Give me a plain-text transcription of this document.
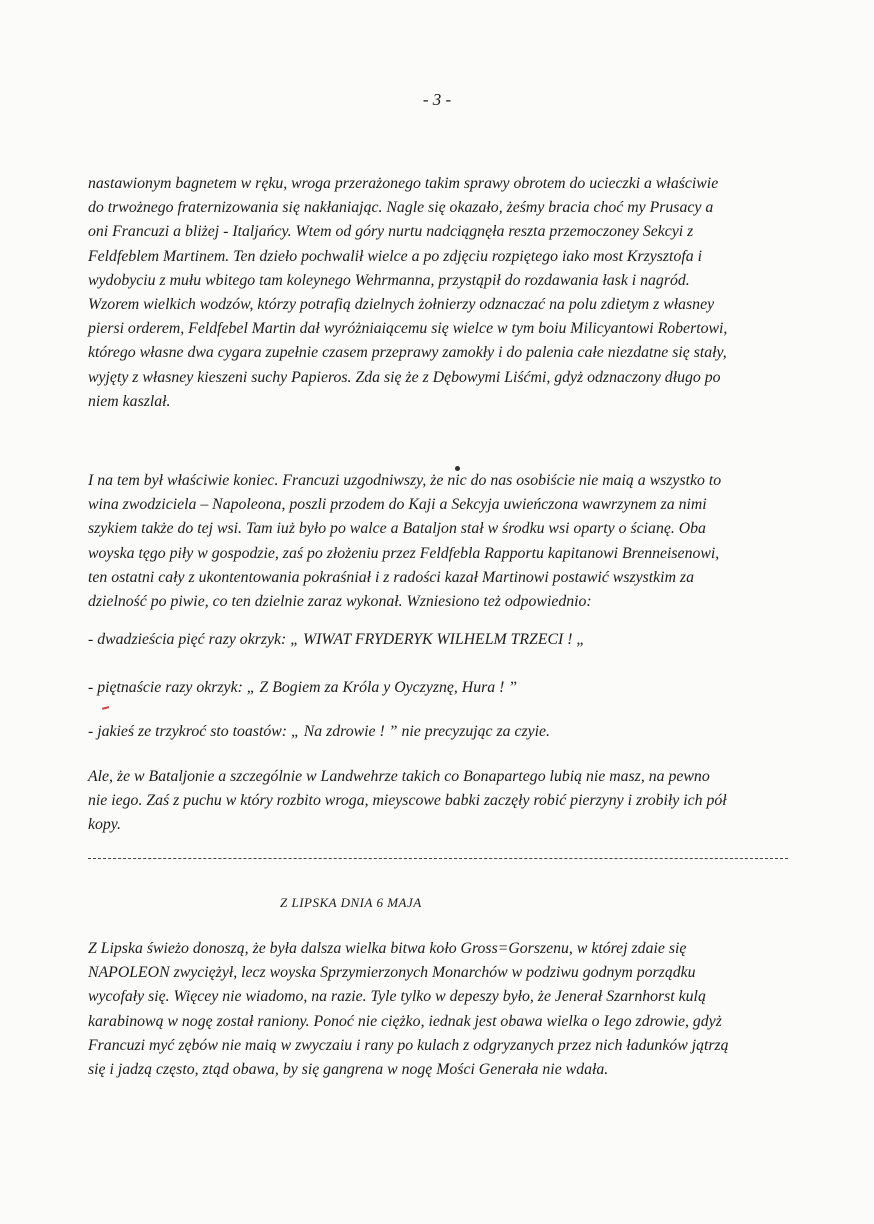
- 3 -
nastawionym bagnetem w ręku, wroga przerażonego takim sprawy obrotem do ucieczki a właściwie
do trwożnego fraternizowania się nakłaniając. Nagle się okazało, żeśmy bracia choć my Prusacy a
oni Francuzi a bliżej - Italjańcy. Wtem od góry nurtu nadciągnęła reszta przemoczoney Sekcyi z
Feldfeblem Martinem. Ten dzieło pochwalił wielce a po zdjęciu rozpiętego iako most Krzysztofa i
wydobyciu z mułu wbitego tam koleynego Wehrmanna, przystąpił do rozdawania łask i nagród.
Wzorem wielkich wodzów, którzy potrafią dzielnych żołnierzy odznaczać na polu zdietym z własney
piersi orderem, Feldfebel Martin dał wyróżniaiącemu się wielce w tym boiu Milicyantowi Robertowi,
którego własne dwa cygara zupełnie czasem przeprawy zamokły i do palenia całe niezdatne się stały,
wyjęty z własney kieszeni suchy Papieros. Zda się że z Dębowymi Liśćmi, gdyż odznaczony długo po
niem kaszlał.
I na tem był właściwie koniec. Francuzi uzgodniwszy, że nic do nas osobiście nie maią a wszystko to
wina zwodziciela – Napoleona, poszli przodem do Kaji a Sekcyja uwieńczona wawrzynem za nimi
szykiem także do tej wsi. Tam iuż było po walce a Bataljon stał w środku wsi oparty o ścianę. Oba
woyska tęgo piły w gospodzie, zaś po złożeniu przez Feldfebla Rapportu kapitanowi Brenneisenowi,
ten ostatni cały z ukontentowania pokraśniał i z radości kazał Martinowi postawić wszystkim za
dzielność po piwie, co ten dzielnie zaraz wykonał. Wzniesiono też odpowiednio:
- dwadzieścia pięć razy okrzyk: „ WIWAT FRYDERYK WILHELM TRZECI ! „
- piętnaście razy okrzyk: „ Z Bogiem za Króla y Oyczyznę, Hura ! ”
- jakieś ze trzykroć sto toastów: „ Na zdrowie ! ” nie precyzując za czyie.
Ale, że w Bataljonie a szczególnie w Landwehrze takich co Bonapartego lubią nie masz, na pewno
nie iego. Zaś z puchu w który rozbito wroga, mieyscowe babki zaczęły robić pierzyny i zrobiły ich pół
kopy.
Z LIPSKA DNIA 6 MAJA
Z Lipska świeżo donoszą, że była dalsza wielka bitwa koło Gross=Gorszenu, w której zdaie się
NAPOLEON zwyciężył, lecz woyska Sprzymierzonych Monarchów w podziwu godnym porządku
wycofały się. Więcey nie wiadomo, na razie. Tyle tylko w depeszy było, że Jenerał Szarnhorst kulą
karabinową w nogę został raniony. Ponoć nie ciężko, iednak jest obawa wielka o Iego zdrowie, gdyż
Francuzi myć zębów nie maią w zwyczaiu i rany po kulach z odgryzanych przez nich ładunków jątrzą
się i jadzą często, ztąd obawa, by się gangrena w nogę Mości Generała nie wdała.
